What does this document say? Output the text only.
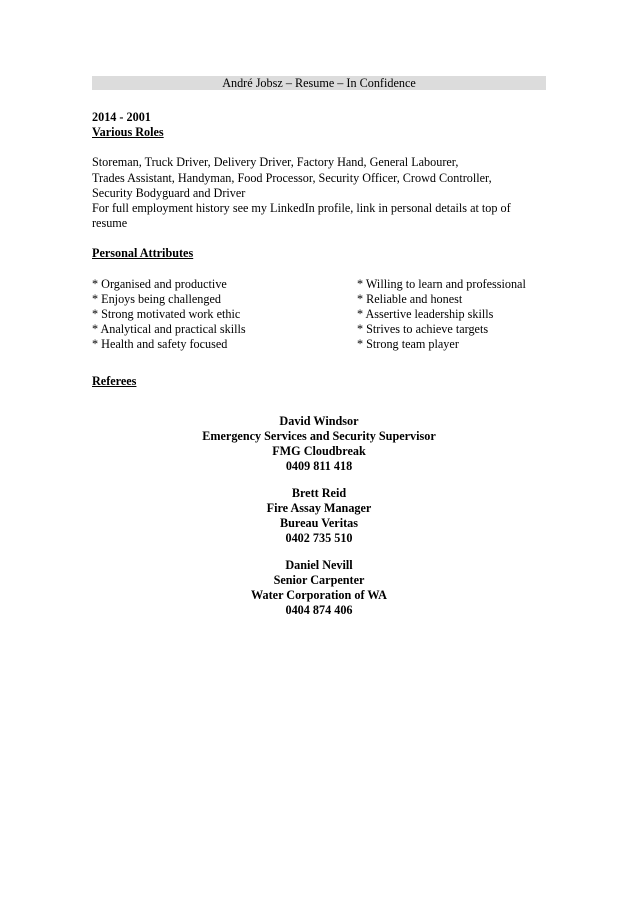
André Jobsz – Resume – In Confidence

2014 - 2001

Various Roles

Storeman, Truck Driver, Delivery Driver, Factory Hand, General Labourer,

Trades Assistant, Handyman, Food Processor, Security Officer, Crowd Controller,

Security Bodyguard and Driver

For full employment history see my LinkedIn profile, link in personal details at top of

resume

Personal Attributes

* Organised and productive

* Enjoys being challenged

* Strong motivated work ethic

* Analytical and practical skills

* Health and safety focused

* Willing to learn and professional

* Reliable and honest

* Assertive leadership skills

* Strives to achieve targets

* Strong team player

Referees

David Windsor

Emergency Services and Security Supervisor

FMG Cloudbreak

0409 811 418

Brett Reid

Fire Assay Manager

Bureau Veritas

0402 735 510

Daniel Nevill

Senior Carpenter

Water Corporation of WA

0404 874 406
